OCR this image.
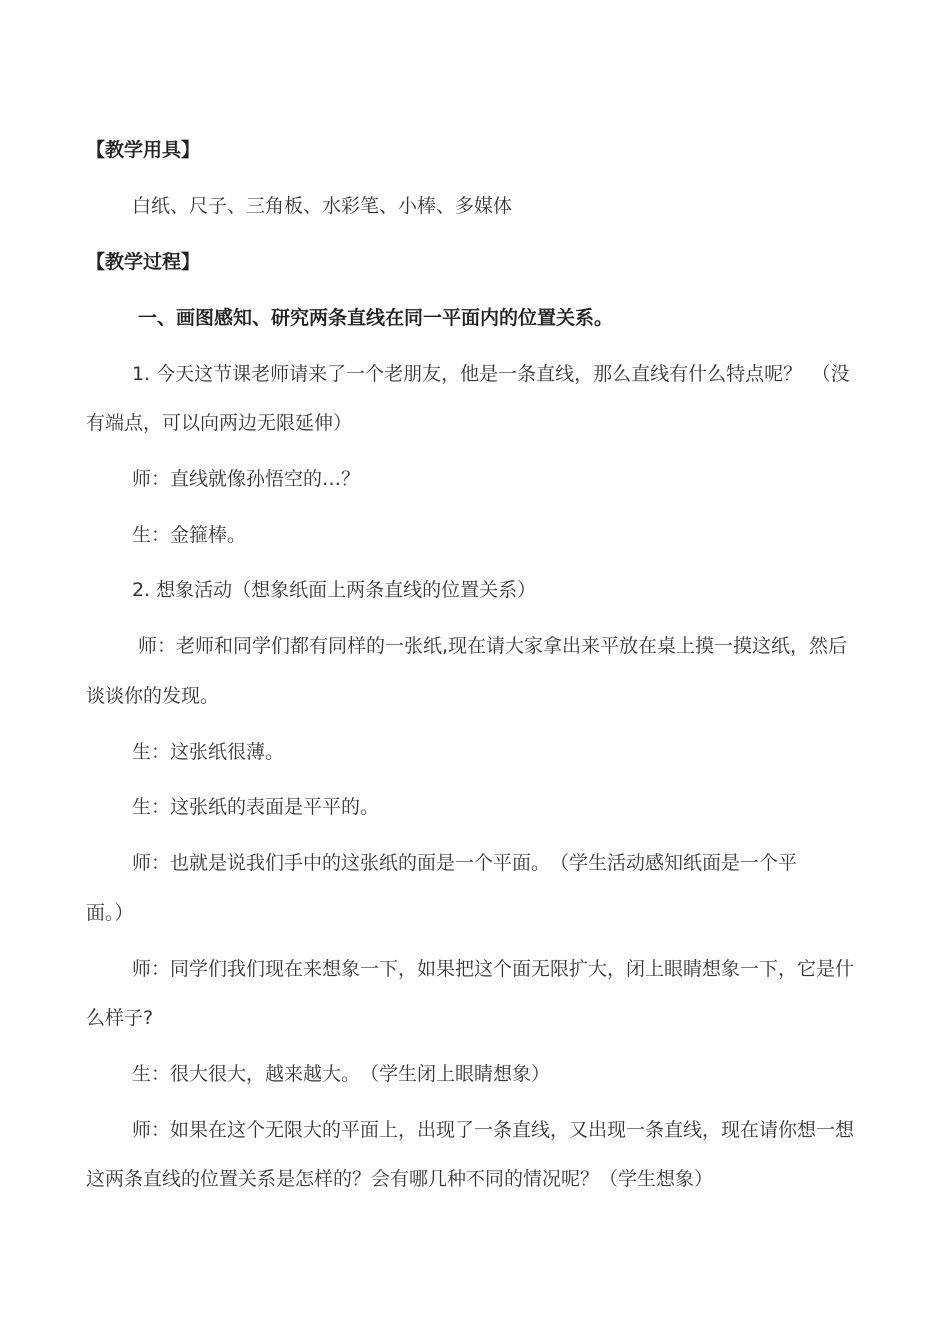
【教学用具】
白纸、尺子、三角板、水彩笔、小棒、多媒体
【教学过程】
一、画图感知、研究两条直线在同一平面内的位置关系。
1. 今天这节课老师请来了一个老朋友，他是一条直线，那么直线有什么特点呢？　（没
有端点，可以向两边无限延伸）
师：直线就像孙悟空的…？
生：金箍棒。
2. 想象活动（想象纸面上两条直线的位置关系）
师：老师和同学们都有同样的一张纸,现在请大家拿出来平放在桌上摸一摸这纸，然后
谈谈你的发现。
生：这张纸很薄。
生：这张纸的表面是平平的。
师：也就是说我们手中的这张纸的面是一个平面。　（学生活动感知纸面是一个平
面。）
师：同学们我们现在来想象一下，如果把这个面无限扩大，闭上眼睛想象一下，它是什
么样子?
生：很大很大，越来越大。　（学生闭上眼睛想象）
师：如果在这个无限大的平面上，出现了一条直线，又出现一条直线，现在请你想一想
这两条直线的位置关系是怎样的？会有哪几种不同的情况呢？（学生想象）
